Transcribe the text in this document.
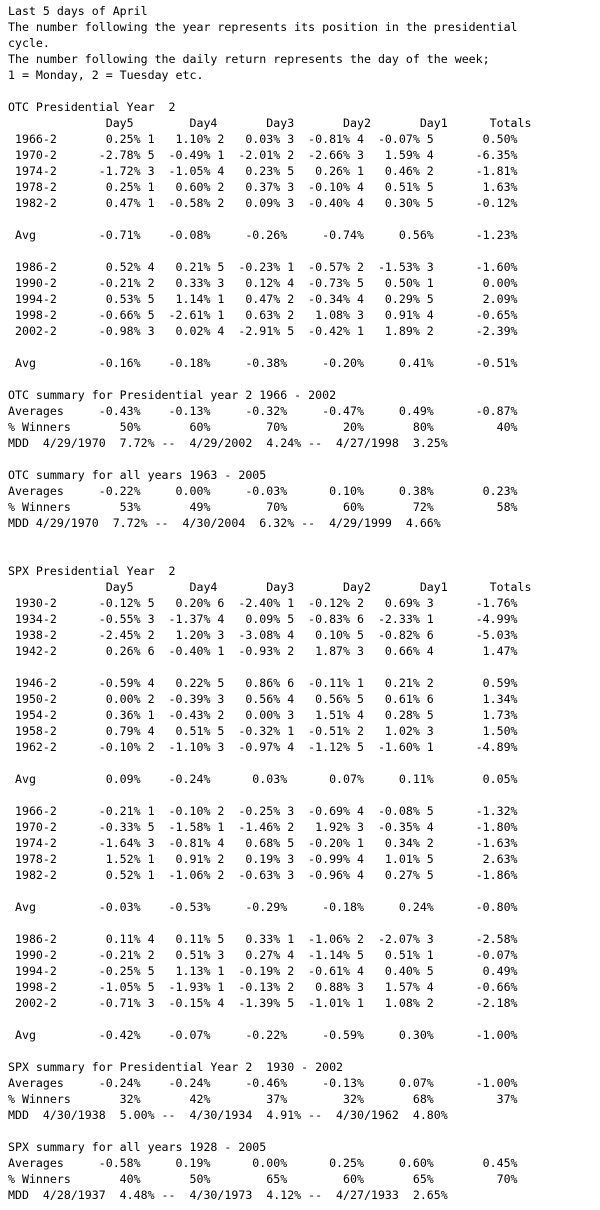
Last 5 days of April
The number following the year represents its position in the presidential
cycle.
The number following the daily return represents the day of the week;
1 = Monday, 2 = Tuesday etc.
OTC Presidential Year  2
Day5        Day4       Day3       Day2       Day1      Totals
1966-2       0.25% 1   1.10% 2   0.03% 3  -0.81% 4  -0.07% 5       0.50%
1970-2      -2.78% 5  -0.49% 1  -2.01% 2  -2.66% 3   1.59% 4      -6.35%
1974-2      -1.72% 3  -1.05% 4   0.23% 5   0.26% 1   0.46% 2      -1.81%
1978-2       0.25% 1   0.60% 2   0.37% 3  -0.10% 4   0.51% 5       1.63%
1982-2       0.47% 1  -0.58% 2   0.09% 3  -0.40% 4   0.30% 5      -0.12%
Avg         -0.71%    -0.08%     -0.26%     -0.74%     0.56%      -1.23%
1986-2       0.52% 4   0.21% 5  -0.23% 1  -0.57% 2  -1.53% 3      -1.60%
1990-2      -0.21% 2   0.33% 3   0.12% 4  -0.73% 5   0.50% 1       0.00%
1994-2       0.53% 5   1.14% 1   0.47% 2  -0.34% 4   0.29% 5       2.09%
1998-2      -0.66% 5  -2.61% 1   0.63% 2   1.08% 3   0.91% 4      -0.65%
2002-2      -0.98% 3   0.02% 4  -2.91% 5  -0.42% 1   1.89% 2      -2.39%
Avg         -0.16%    -0.18%     -0.38%     -0.20%     0.41%      -0.51%
OTC summary for Presidential year 2 1966 - 2002
Averages     -0.43%    -0.13%     -0.32%     -0.47%     0.49%      -0.87%
% Winners       50%       60%        70%        20%       80%         40%
MDD  4/29/1970  7.72% --  4/29/2002  4.24% --  4/27/1998  3.25%
OTC summary for all years 1963 - 2005
Averages     -0.22%     0.00%     -0.03%      0.10%     0.38%       0.23%
% Winners       53%       49%        70%        60%       72%         58%
MDD 4/29/1970  7.72% --  4/30/2004  6.32% --  4/29/1999  4.66%
SPX Presidential Year  2
Day5        Day4       Day3       Day2       Day1      Totals
1930-2      -0.12% 5   0.20% 6  -2.40% 1  -0.12% 2   0.69% 3      -1.76%
1934-2      -0.55% 3  -1.37% 4   0.09% 5  -0.83% 6  -2.33% 1      -4.99%
1938-2      -2.45% 2   1.20% 3  -3.08% 4   0.10% 5  -0.82% 6      -5.03%
1942-2       0.26% 6  -0.40% 1  -0.93% 2   1.87% 3   0.66% 4       1.47%
1946-2      -0.59% 4   0.22% 5   0.86% 6  -0.11% 1   0.21% 2       0.59%
1950-2       0.00% 2  -0.39% 3   0.56% 4   0.56% 5   0.61% 6       1.34%
1954-2       0.36% 1  -0.43% 2   0.00% 3   1.51% 4   0.28% 5       1.73%
1958-2       0.79% 4   0.51% 5  -0.32% 1  -0.51% 2   1.02% 3       1.50%
1962-2      -0.10% 2  -1.10% 3  -0.97% 4  -1.12% 5  -1.60% 1      -4.89%
Avg          0.09%    -0.24%      0.03%      0.07%     0.11%       0.05%
1966-2      -0.21% 1  -0.10% 2  -0.25% 3  -0.69% 4  -0.08% 5      -1.32%
1970-2      -0.33% 5  -1.58% 1  -1.46% 2   1.92% 3  -0.35% 4      -1.80%
1974-2      -1.64% 3  -0.81% 4   0.68% 5  -0.20% 1   0.34% 2      -1.63%
1978-2       1.52% 1   0.91% 2   0.19% 3  -0.99% 4   1.01% 5       2.63%
1982-2       0.52% 1  -1.06% 2  -0.63% 3  -0.96% 4   0.27% 5      -1.86%
Avg         -0.03%    -0.53%     -0.29%     -0.18%     0.24%      -0.80%
1986-2       0.11% 4   0.11% 5   0.33% 1  -1.06% 2  -2.07% 3      -2.58%
1990-2      -0.21% 2   0.51% 3   0.27% 4  -1.14% 5   0.51% 1      -0.07%
1994-2      -0.25% 5   1.13% 1  -0.19% 2  -0.61% 4   0.40% 5       0.49%
1998-2      -1.05% 5  -1.93% 1  -0.13% 2   0.88% 3   1.57% 4      -0.66%
2002-2      -0.71% 3  -0.15% 4  -1.39% 5  -1.01% 1   1.08% 2      -2.18%
Avg         -0.42%    -0.07%     -0.22%     -0.59%     0.30%      -1.00%
SPX summary for Presidential Year 2  1930 - 2002
Averages     -0.24%    -0.24%     -0.46%     -0.13%     0.07%      -1.00%
% Winners       32%       42%        37%        32%       68%         37%
MDD  4/30/1938  5.00% --  4/30/1934  4.91% --  4/30/1962  4.80%
SPX summary for all years 1928 - 2005
Averages     -0.58%     0.19%      0.00%      0.25%     0.60%       0.45%
% Winners       40%       50%        65%        60%       65%         70%
MDD  4/28/1937  4.48% --  4/30/1973  4.12% --  4/27/1933  2.65%
